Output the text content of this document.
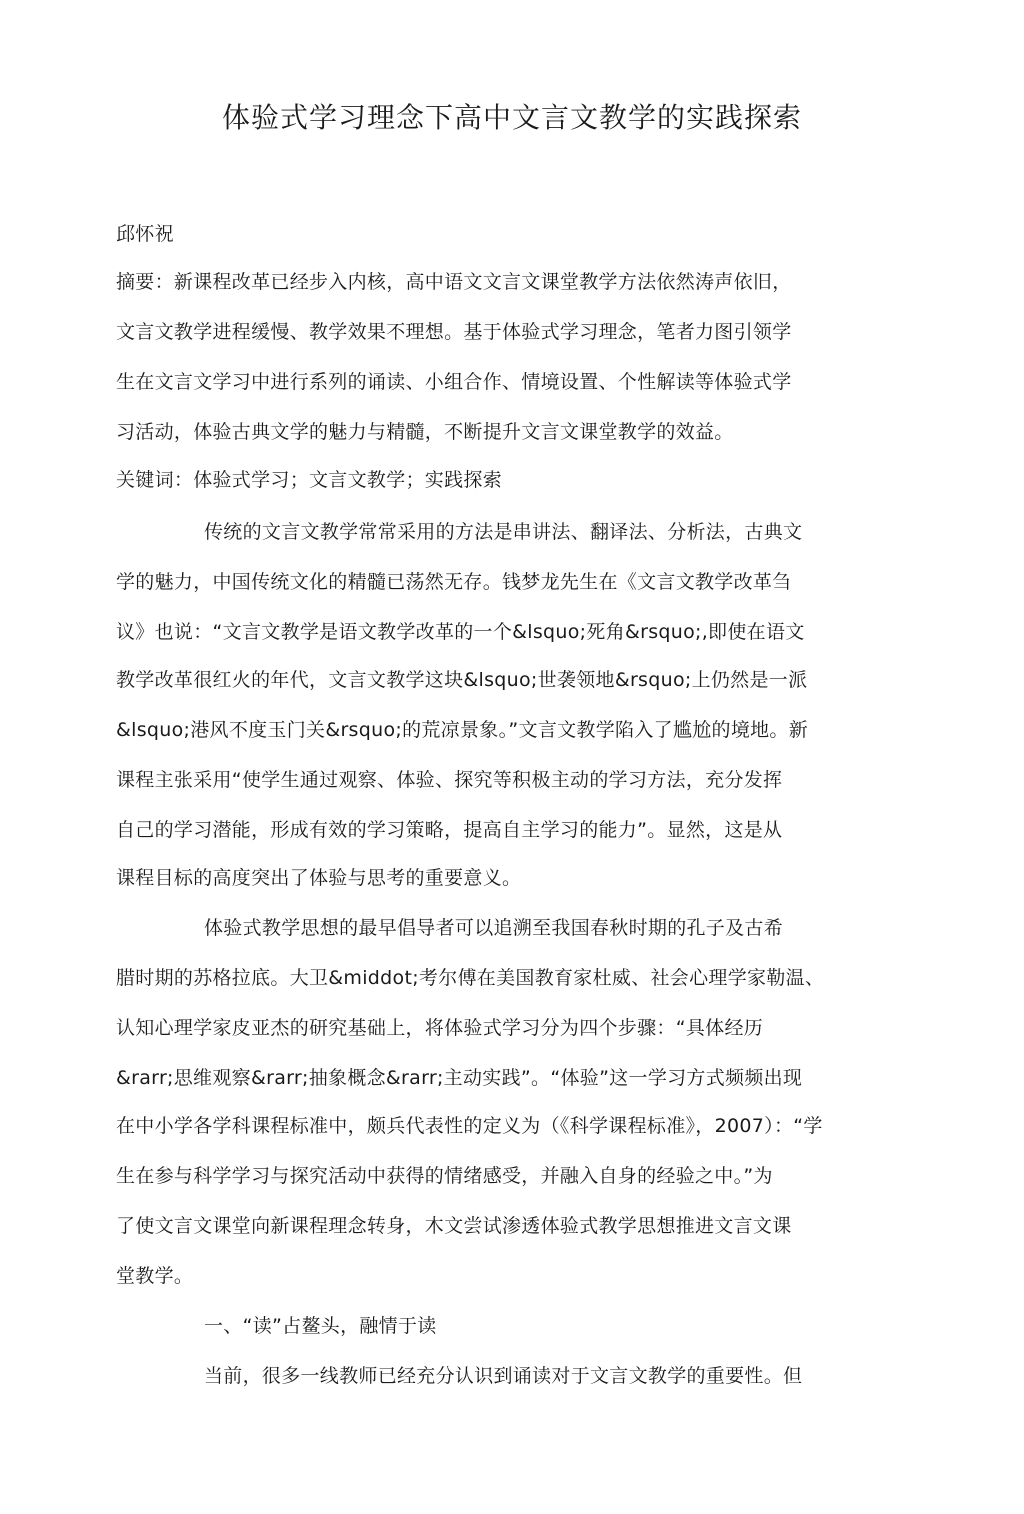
体验式学习理念下高中文言文教学的实践探索
邱怀祝
摘要：新课程改革已经步入内核，高中语文文言文课堂教学方法依然涛声依旧，
文言文教学进程缓慢、教学效果不理想。基于体验式学习理念，笔者力图引领学
生在文言文学习中进行系列的诵读、小组合作、情境设置、个性解读等体验式学
习活动，体验古典文学的魅力与精髓，不断提升文言文课堂教学的效益。
关键词：体验式学习；文言文教学；实践探索
传统的文言文教学常常采用的方法是串讲法、翻译法、分析法，古典文
学的魅力，中国传统文化的精髓已荡然无存。钱梦龙先生在《文言文教学改革刍
议》也说：“文言文教学是语文教学改革的一个&lsquo;死角&rsquo;,即使在语文
教学改革很红火的年代，文言文教学这块&lsquo;世袭领地&rsquo;上仍然是一派
&lsquo;港风不度玉门关&rsquo;的荒凉景象。”文言文教学陷入了尴尬的境地。新
课程主张采用“使学生通过观察、体验、探究等积极主动的学习方法，充分发挥
自己的学习潜能，形成有效的学习策略，提高自主学习的能力”。显然，这是从
课程目标的高度突出了体验与思考的重要意义。
体验式教学思想的最早倡导者可以追溯至我国春秋时期的孔子及古希
腊时期的苏格拉底。大卫&middot;考尔傅在美国教育家杜威、社会心理学家勒温、
认知心理学家皮亚杰的研究基础上，将体验式学习分为四个步骤：“具体经历
&rarr;思维观察&rarr;抽象概念&rarr;主动实践”。“体验”这一学习方式频频出现
在中小学各学科课程标准中，颇兵代表性的定义为（《科学课程标准》，2007）：“学
生在参与科学学习与探究活动中获得的情绪感受，并融入自身的经验之中。”为
了使文言文课堂向新课程理念转身，木文尝试渗透体验式教学思想推进文言文课
堂教学。
一、“读”占鳌头，融情于读
当前，很多一线教师已经充分认识到诵读对于文言文教学的重要性。但
